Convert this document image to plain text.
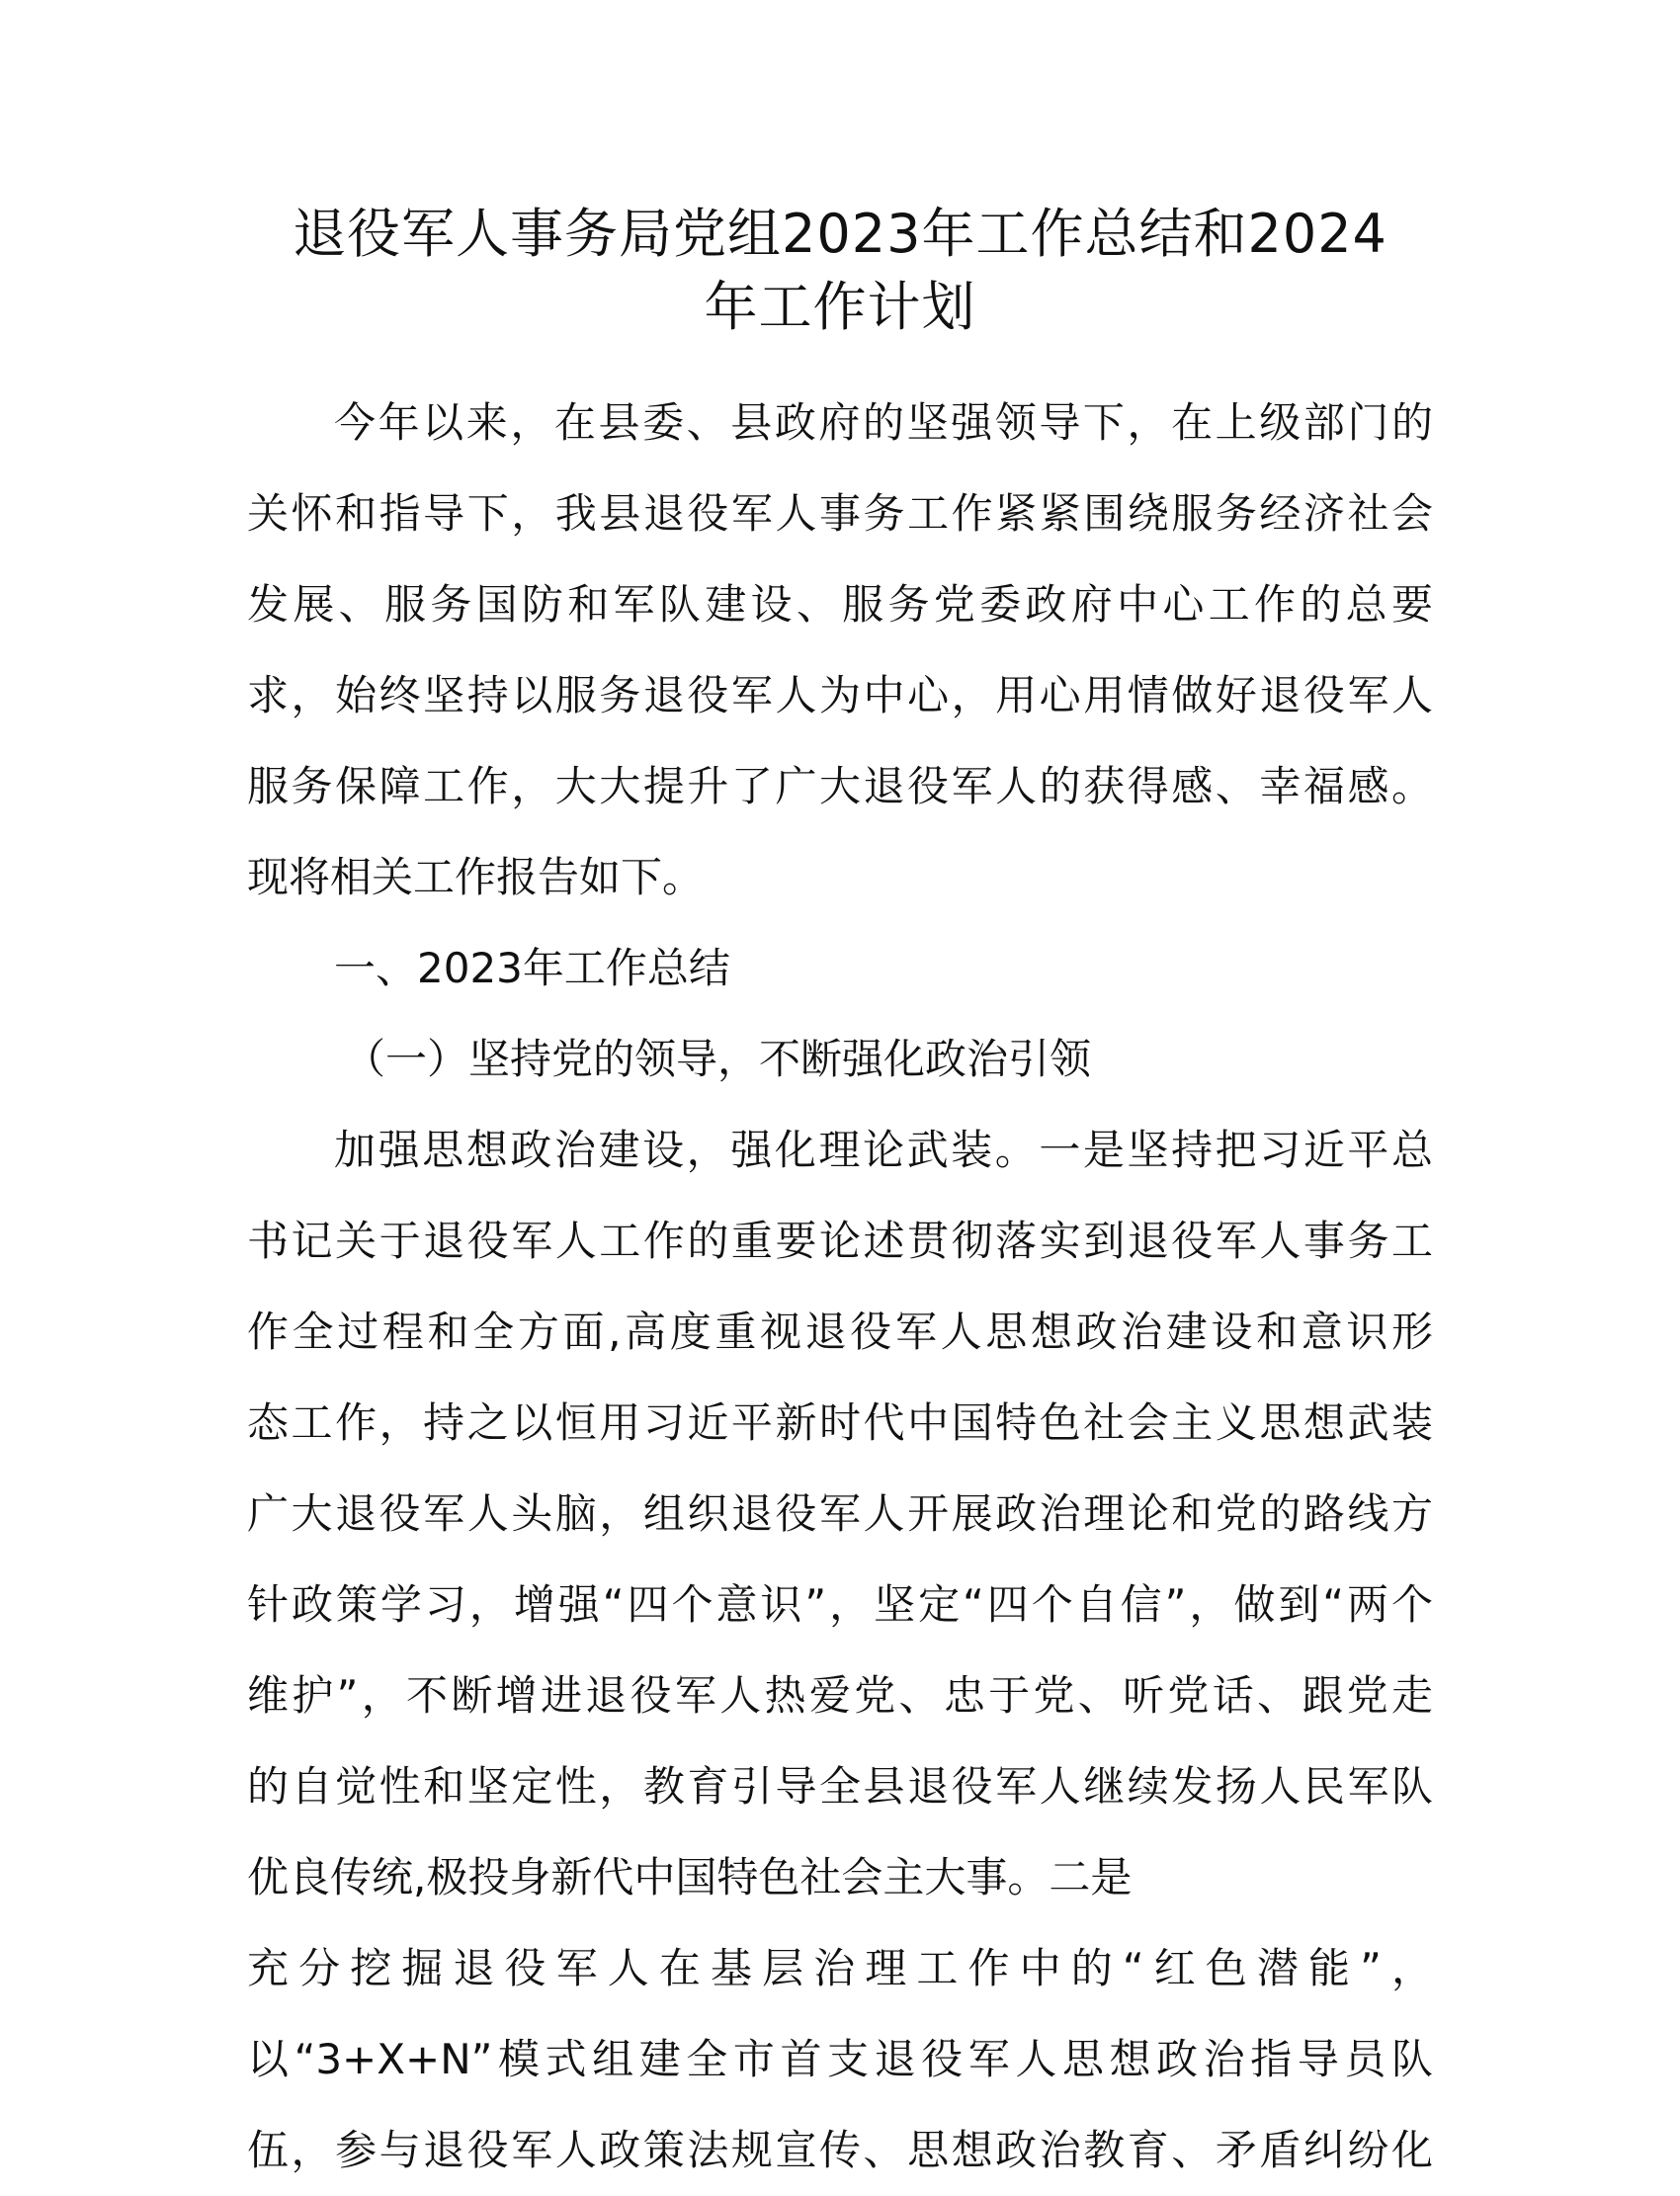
退役军人事务局党组2023年工作总结和2024
年工作计划
今年以来，在县委、县政府的坚强领导下，在上级部门的
关怀和指导下，我县退役军人事务工作紧紧围绕服务经济社会
发展、服务国防和军队建设、服务党委政府中心工作的总要
求，始终坚持以服务退役军人为中心，用心用情做好退役军人
服务保障工作，大大提升了广大退役军人的获得感、幸福感。
现将相关工作报告如下。
一、2023年工作总结
（一）坚持党的领导，不断强化政治引领
加强思想政治建设，强化理论武装。一是坚持把习近平总
书记关于退役军人工作的重要论述贯彻落实到退役军人事务工
作全过程和全方面,高度重视退役军人思想政治建设和意识形
态工作，持之以恒用习近平新时代中国特色社会主义思想武装
广大退役军人头脑，组织退役军人开展政治理论和党的路线方
针政策学习，增强“四个意识”，坚定“四个自信”，做到“两个
维护”，不断增进退役军人热爱党、忠于党、听党话、跟党走
的自觉性和坚定性，教育引导全县退役军人继续发扬人民军队
优良传统,极投身新代中国特色社会主大事。二是
充分挖掘退役军人在基层治理工作中的“红色潜能”，
以“3+X+N”模式组建全市首支退役军人思想政治指导员队
伍，参与退役军人政策法规宣传、思想政治教育、矛盾纠纷化
